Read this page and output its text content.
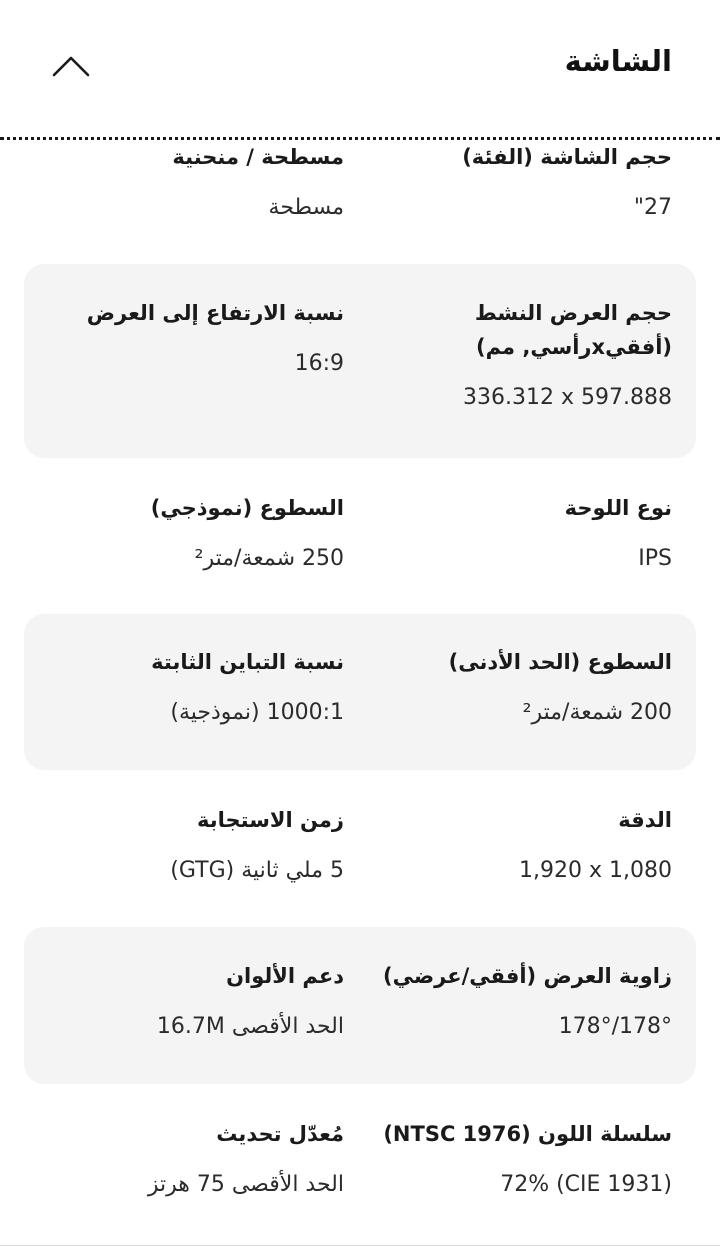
الشاشة

حجم الشاشة (الفئة)

"27

مسطحة / منحنية

مسطحة

حجم العرض النشط (أفقيxرأسي, مم)

336.312 x 597.888

نسبة الارتفاع إلى العرض

16:9

نوع اللوحة

IPS

السطوع (نموذجي)

250 شمعة/متر²

السطوع (الحد الأدنى)

200 شمعة/متر²

نسبة التباين الثابتة

1000:1 (نموذجية)

الدقة

1,920 x 1,080

زمن الاستجابة

5 ملي ثانية (GTG)

زاوية العرض (أفقي/عرضي)

178°/178°

دعم الألوان

الحد الأقصى 16.7M

سلسلة اللون (NTSC 1976)

72% (CIE 1931)

مُعدّل تحديث

الحد الأقصى 75 هرتز
